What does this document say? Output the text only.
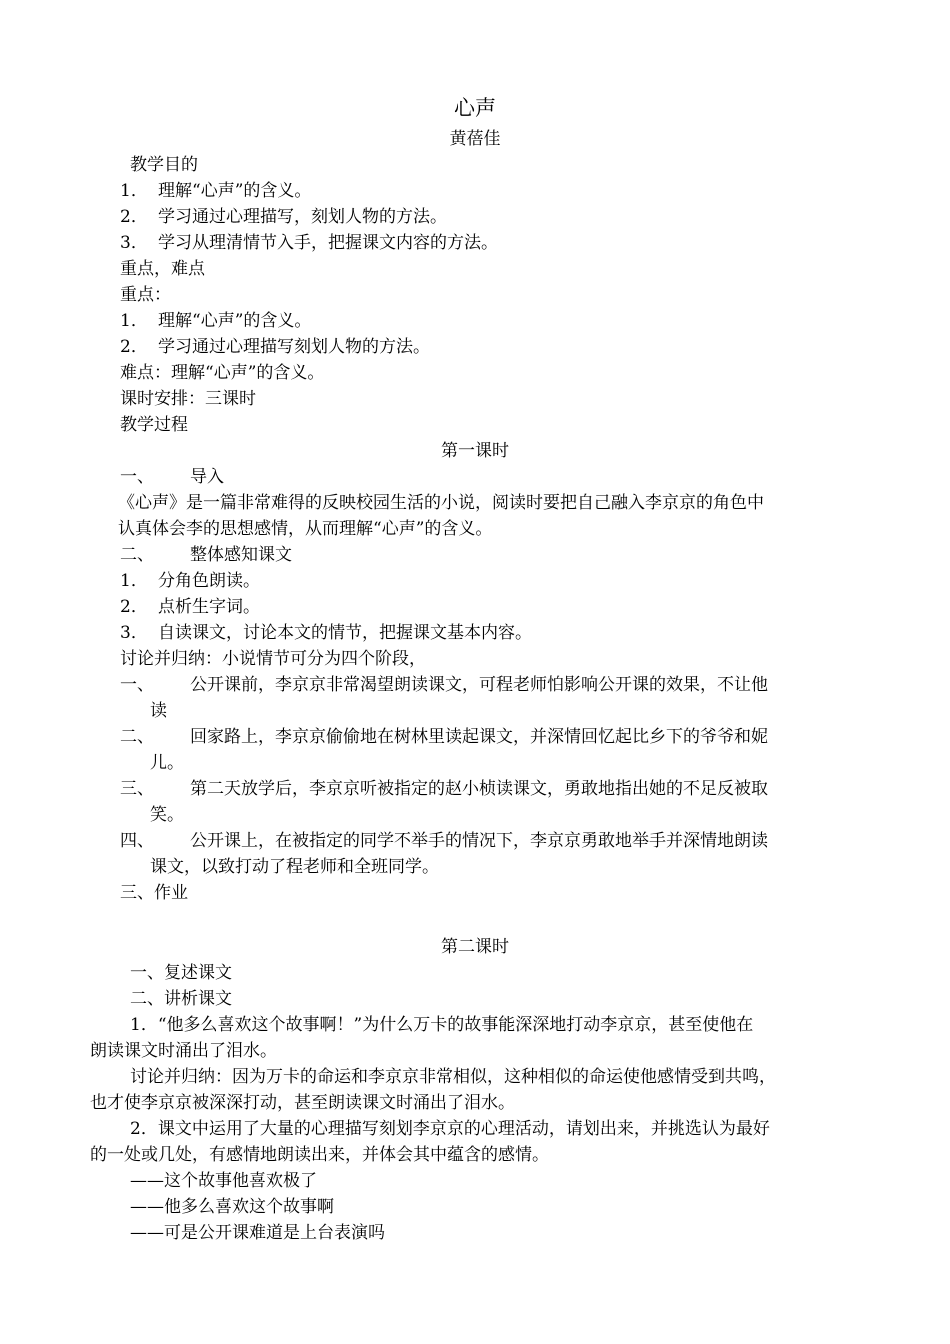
心声
黄蓓佳
教学目的
1． 理解“心声”的含义。
2． 学习通过心理描写，刻划人物的方法。
3． 学习从理清情节入手，把握课文内容的方法。
重点，难点
重点：
1． 理解“心声”的含义。
2． 学习通过心理描写刻划人物的方法。
难点：理解“心声”的含义。
课时安排：三课时
教学过程
第一课时
一、 导入
《心声》是一篇非常难得的反映校园生活的小说，阅读时要把自己融入李京京的角色中
认真体会李的思想感情，从而理解“心声”的含义。
二、 整体感知课文
1． 分角色朗读。
2． 点析生字词。
3． 自读课文，讨论本文的情节，把握课文基本内容。
讨论并归纳：小说情节可分为四个阶段，
一、 公开课前，李京京非常渴望朗读课文，可程老师怕影响公开课的效果，不让他
读
二、 回家路上，李京京偷偷地在树林里读起课文，并深情回忆起比乡下的爷爷和妮
儿。
三、 第二天放学后，李京京听被指定的赵小桢读课文，勇敢地指出她的不足反被取
笑。
四、 公开课上，在被指定的同学不举手的情况下，李京京勇敢地举手并深情地朗读
课文，以致打动了程老师和全班同学。
三、作业
第二课时
一、复述课文
二、讲析课文
1．“他多么喜欢这个故事啊！”为什么万卡的故事能深深地打动李京京，甚至使他在
朗读课文时涌出了泪水。
讨论并归纳：因为万卡的命运和李京京非常相似，这种相似的命运使他感情受到共鸣，
也才使李京京被深深打动，甚至朗读课文时涌出了泪水。
2．课文中运用了大量的心理描写刻划李京京的心理活动，请划出来，并挑选认为最好
的一处或几处，有感情地朗读出来，并体会其中蕴含的感情。
——这个故事他喜欢极了
——他多么喜欢这个故事啊
——可是公开课难道是上台表演吗
